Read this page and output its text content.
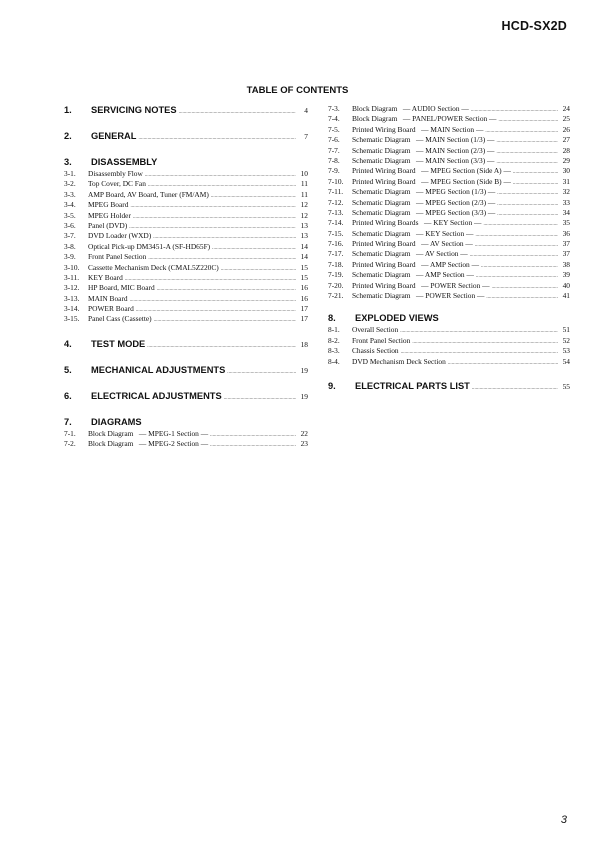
HCD-SX2D
TABLE OF CONTENTS
1.	SERVICING NOTES . . .	4
2.	GENERAL . . .	7
3.	DISASSEMBLY
3-1.	Disassembly Flow . . .	10
3-2.	Top Cover, DC Fan . . .	11
3-3.	AMP Board, AV Board, Tuner (FM/AM) . . .	11
3-4.	MPEG Board . . .	12
3-5.	MPEG Holder . . .	12
3-6.	Panel (DVD) . . .	13
3-7.	DVD Loader (WXD) . . .	13
3-8.	Optical Pick-up DM3451-A (SF-HD65F) . . .	14
3-9.	Front Panel Section . . .	14
3-10.	Cassette Mechanism Deck (CMAL5Z220C) . . .	15
3-11.	KEY Board . . .	15
3-12.	HP Board, MIC Board . . .	16
3-13.	MAIN Board . . .	16
3-14.	POWER Board . . .	17
3-15.	Panel Cass (Cassette) . . .	17
4.	TEST MODE . . .	18
5.	MECHANICAL ADJUSTMENTS . . .	19
6.	ELECTRICAL ADJUSTMENTS . . .	19
7.	DIAGRAMS
7-1.	Block Diagram   — MPEG-1 Section — . . .	22
7-2.	Block Diagram   — MPEG-2 Section — . . .	23
7-3.	Block Diagram   — AUDIO Section — . . .	24
7-4.	Block Diagram   — PANEL/POWER Section — . . .	25
7-5.	Printed Wiring Board   — MAIN Section — . . .	26
7-6.	Schematic Diagram   — MAIN Section (1/3) — . . .	27
7-7.	Schematic Diagram   — MAIN Section (2/3) — . . .	28
7-8.	Schematic Diagram   — MAIN Section (3/3) — . . .	29
7-9.	Printed Wiring Board   — MPEG Section (Side A) — . . .	30
7-10.	Printed Wiring Board   — MPEG Section (Side B) — . . .	31
7-11.	Schematic Diagram   — MPEG Section (1/3) — . . .	32
7-12.	Schematic Diagram   — MPEG Section (2/3) — . . .	33
7-13.	Schematic Diagram   — MPEG Section (3/3) — . . .	34
7-14.	Printed Wiring Boards   — KEY Section — . . .	35
7-15.	Schematic Diagram   — KEY Section — . . .	36
7-16.	Printed Wiring Board   — AV Section — . . .	37
7-17.	Schematic Diagram   — AV Section — . . .	37
7-18.	Printed Wiring Board   — AMP Section — . . .	38
7-19.	Schematic Diagram   — AMP Section — . . .	39
7-20.	Printed Wiring Board   — POWER Section — . . .	40
7-21.	Schematic Diagram   — POWER Section — . . .	41
8.	EXPLODED VIEWS
8-1.	Overall Section . . .	51
8-2.	Front Panel Section . . .	52
8-3.	Chassis Section . . .	53
8-4.	DVD Mechanism Deck Section . . .	54
9.	ELECTRICAL PARTS LIST . . .	55
3
